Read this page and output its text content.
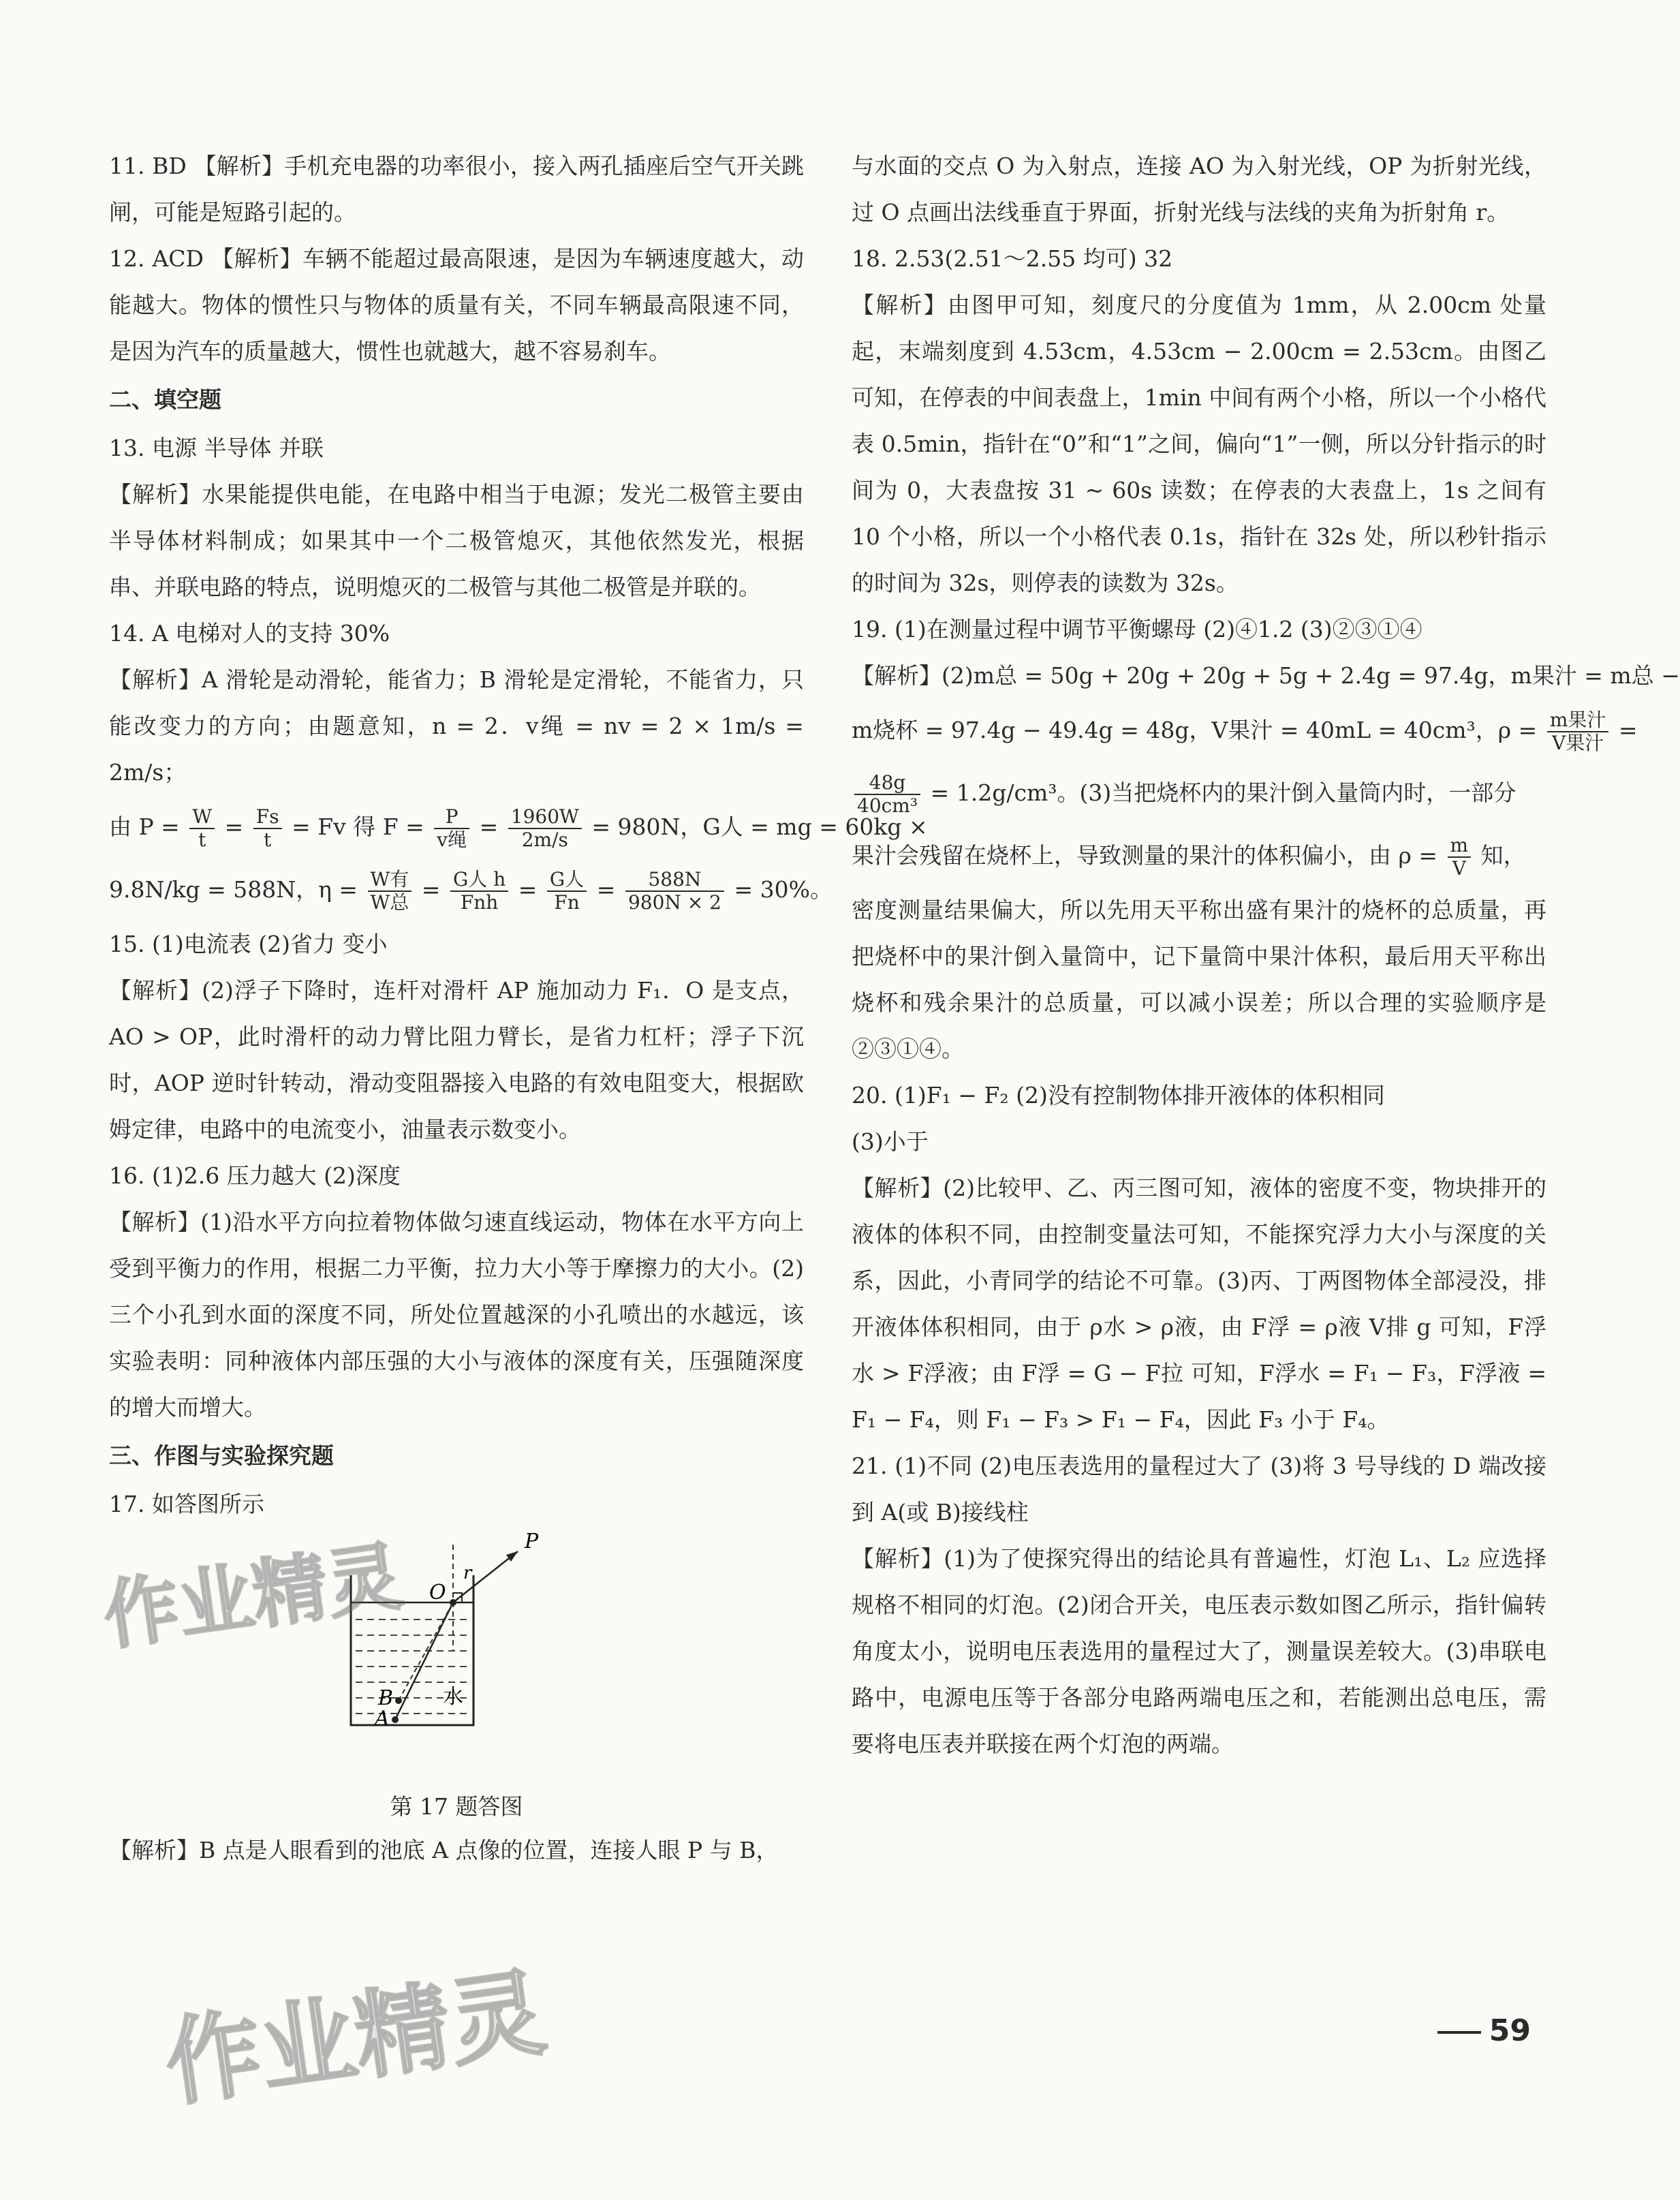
11. BD 【解析】手机充电器的功率很小，接入两孔插座后空气开关跳闸，可能是短路引起的。

12. ACD 【解析】车辆不能超过最高限速，是因为车辆速度越大，动能越大。物体的惯性只与物体的质量有关，不同车辆最高限速不同，是因为汽车的质量越大，惯性也就越大，越不容易刹车。

二、填空题

13. 电源 半导体 并联

【解析】水果能提供电能，在电路中相当于电源；发光二极管主要由半导体材料制成；如果其中一个二极管熄灭，其他依然发光，根据串、并联电路的特点，说明熄灭的二极管与其他二极管是并联的。

14. A 电梯对人的支持 30%

【解析】A 滑轮是动滑轮，能省力；B 滑轮是定滑轮，不能省力，只能改变力的方向；由题意知，n = 2．v绳 = nv = 2 × 1m/s = 2m/s；

由 $P = \frac{W}{t} = \frac{Fs}{t} = Fv$ 得 $F = \frac{P}{\text{v绳}} = \frac{1960W}{2m/s} = 980N$，G人 = mg = 60kg ×
9.8N/kg = 588N，$\eta = \frac{\text{W有}}{\text{W总}} = \frac{\text{G人 h}}{\text{Fnh}} = \frac{\text{G人}}{Fn} = \frac{588N}{980N \times 2} = 30\%$。

15. (1)电流表 (2)省力 变小

【解析】(2)浮子下降时，连杆对滑杆 AP 施加动力 F₁．O 是支点，AO > OP，此时滑杆的动力臂比阻力臂长，是省力杠杆；浮子下沉时，AOP 逆时针转动，滑动变阻器接入电路的有效电阻变大，根据欧姆定律，电路中的电流变小，油量表示数变小。

16. (1)2.6 压力越大 (2)深度

【解析】(1)沿水平方向拉着物体做匀速直线运动，物体在水平方向上受到平衡力的作用，根据二力平衡，拉力大小等于摩擦力的大小。(2)三个小孔到水面的深度不同，所处位置越深的小孔喷出的水越远，该实验表明：同种液体内部压强的大小与液体的深度有关，压强随深度的增大而增大。

三、作图与实验探究题

17. 如答图所示

P
O
r
B
A
水
第 17 题答图

【解析】B 点是人眼看到的池底 A 点像的位置，连接人眼 P 与 B，

与水面的交点 O 为入射点，连接 AO 为入射光线，OP 为折射光线，过 O 点画出法线垂直于界面，折射光线与法线的夹角为折射角 r。

18. 2.53(2.51～2.55 均可) 32

【解析】由图甲可知，刻度尺的分度值为 1mm，从 2.00cm 处量起，末端刻度到 4.53cm，4.53cm − 2.00cm = 2.53cm。由图乙可知，在停表的中间表盘上，1min 中间有两个小格，所以一个小格代表 0.5min，指针在“0”和“1”之间，偏向“1”一侧，所以分针指示的时间为 0，大表盘按 31 ~ 60s 读数；在停表的大表盘上，1s 之间有 10 个小格，所以一个小格代表 0.1s，指针在 32s 处，所以秒针指示的时间为 32s，则停表的读数为 32s。

19. (1)在测量过程中调节平衡螺母 (2)④1.2 (3)②③①④

【解析】(2)m总 = 50g + 20g + 20g + 5g + 2.4g = 97.4g，m果汁 = m总 −
m烧杯 = 97.4g − 49.4g = 48g，V果汁 = 40mL = 40cm³，$\rho = \frac{\text{m果汁}}{\text{V果汁}}$ =
$\frac{48g}{\text{40cm³}} = 1.2g/cm^3$。(3)当把烧杯内的果汁倒入量筒内时，一部分
果汁会残留在烧杯上，导致测量的果汁的体积偏小，由 $\rho = \frac{m}{V}$ 知，

密度测量结果偏大，所以先用天平称出盛有果汁的烧杯的总质量，再把烧杯中的果汁倒入量筒中，记下量筒中果汁体积，最后用天平称出烧杯和残余果汁的总质量，可以减小误差；所以合理的实验顺序是②③①④。

20. (1)F₁ − F₂ (2)没有控制物体排开液体的体积相同

(3)小于

【解析】(2)比较甲、乙、丙三图可知，液体的密度不变，物块排开的液体的体积不同，由控制变量法可知，不能探究浮力大小与深度的关系，因此，小青同学的结论不可靠。(3)丙、丁两图物体全部浸没，排开液体体积相同，由于 ρ水 > ρ液，由 F浮 = ρ液 V排 g 可知，F浮水 > F浮液；由 F浮 = G − F拉 可知，F浮水 = F₁ − F₃，F浮液 = F₁ − F₄，则 F₁ − F₃ > F₁ − F₄，因此 F₃ 小于 F₄。

21. (1)不同 (2)电压表选用的量程过大了 (3)将 3 号导线的 D 端改接到 A(或 B)接线柱

【解析】(1)为了使探究得出的结论具有普遍性，灯泡 L₁、L₂ 应选择规格不相同的灯泡。(2)闭合开关，电压表示数如图乙所示，指针偏转角度太小，说明电压表选用的量程过大了，测量误差较大。(3)串联电路中，电源电压等于各部分电路两端电压之和，若能测出总电压，需要将电压表并联接在两个灯泡的两端。

59
作业精灵
作业精灵
